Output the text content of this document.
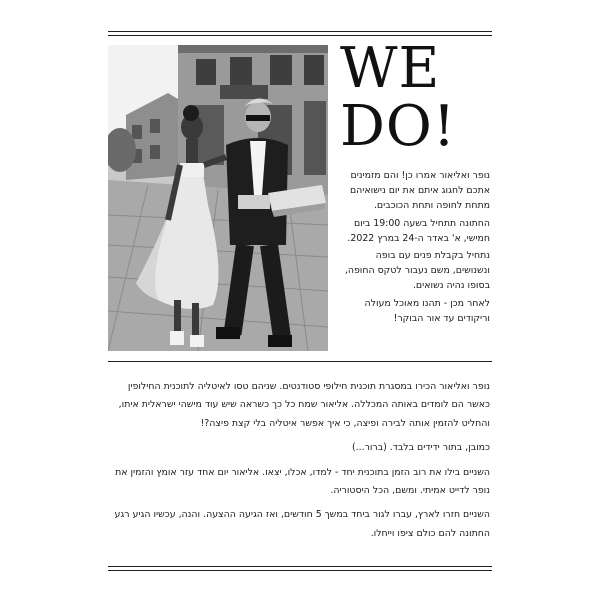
WE
DO!

נופר ואליאור אמרו כן! והם מזמינים אתכם לחגוג איתם את יום נישואיהם מתחת לחופה ותחת הכוכבים.

החתונה תתחיל בשעה 19:00 ביום חמישי, א' באדר ה-24 במרץ 2022.

נתחיל בקבלת פנים עם בופה ונשנושים, משם נעבור לטקס החופה, בסופו נהיה נשואים.

לאחר מכן - תהנו מאוכל מעולה וריקודים עד אור הבוקר!

נופר ואליאור הכירו במסגרת תוכנית חילופי סטודנטים. שניהם טסו לאיטליה לתוכנית החילופין כאשר הם לומדים באותה המכללה. אליאור שמח כל כך כשראה שיש עוד מישהי ישראלית איתו, והחליט להזמין אותה לבירה ופיצה, כי איך אפשר איטליה בלי קצת פיצה?!

כמובן, בתור ידידים בלבד. (ברור...)

השניים בילו את רוב הזמן בתוכנית יחד - למדו, אכלו, יצאו. אליאור יום אחד עזר אומץ והזמין את נופר לדייט אמיתי. ומשם, הכל היסטוריה.

השניים חזרו לארץ, עברו לגור ביחד במשך 5 חודשים, ואז הגיעה ההצעה. והנה, עכשיו הגיע רגע החתונה להם כולם ציפו וייחלו.
